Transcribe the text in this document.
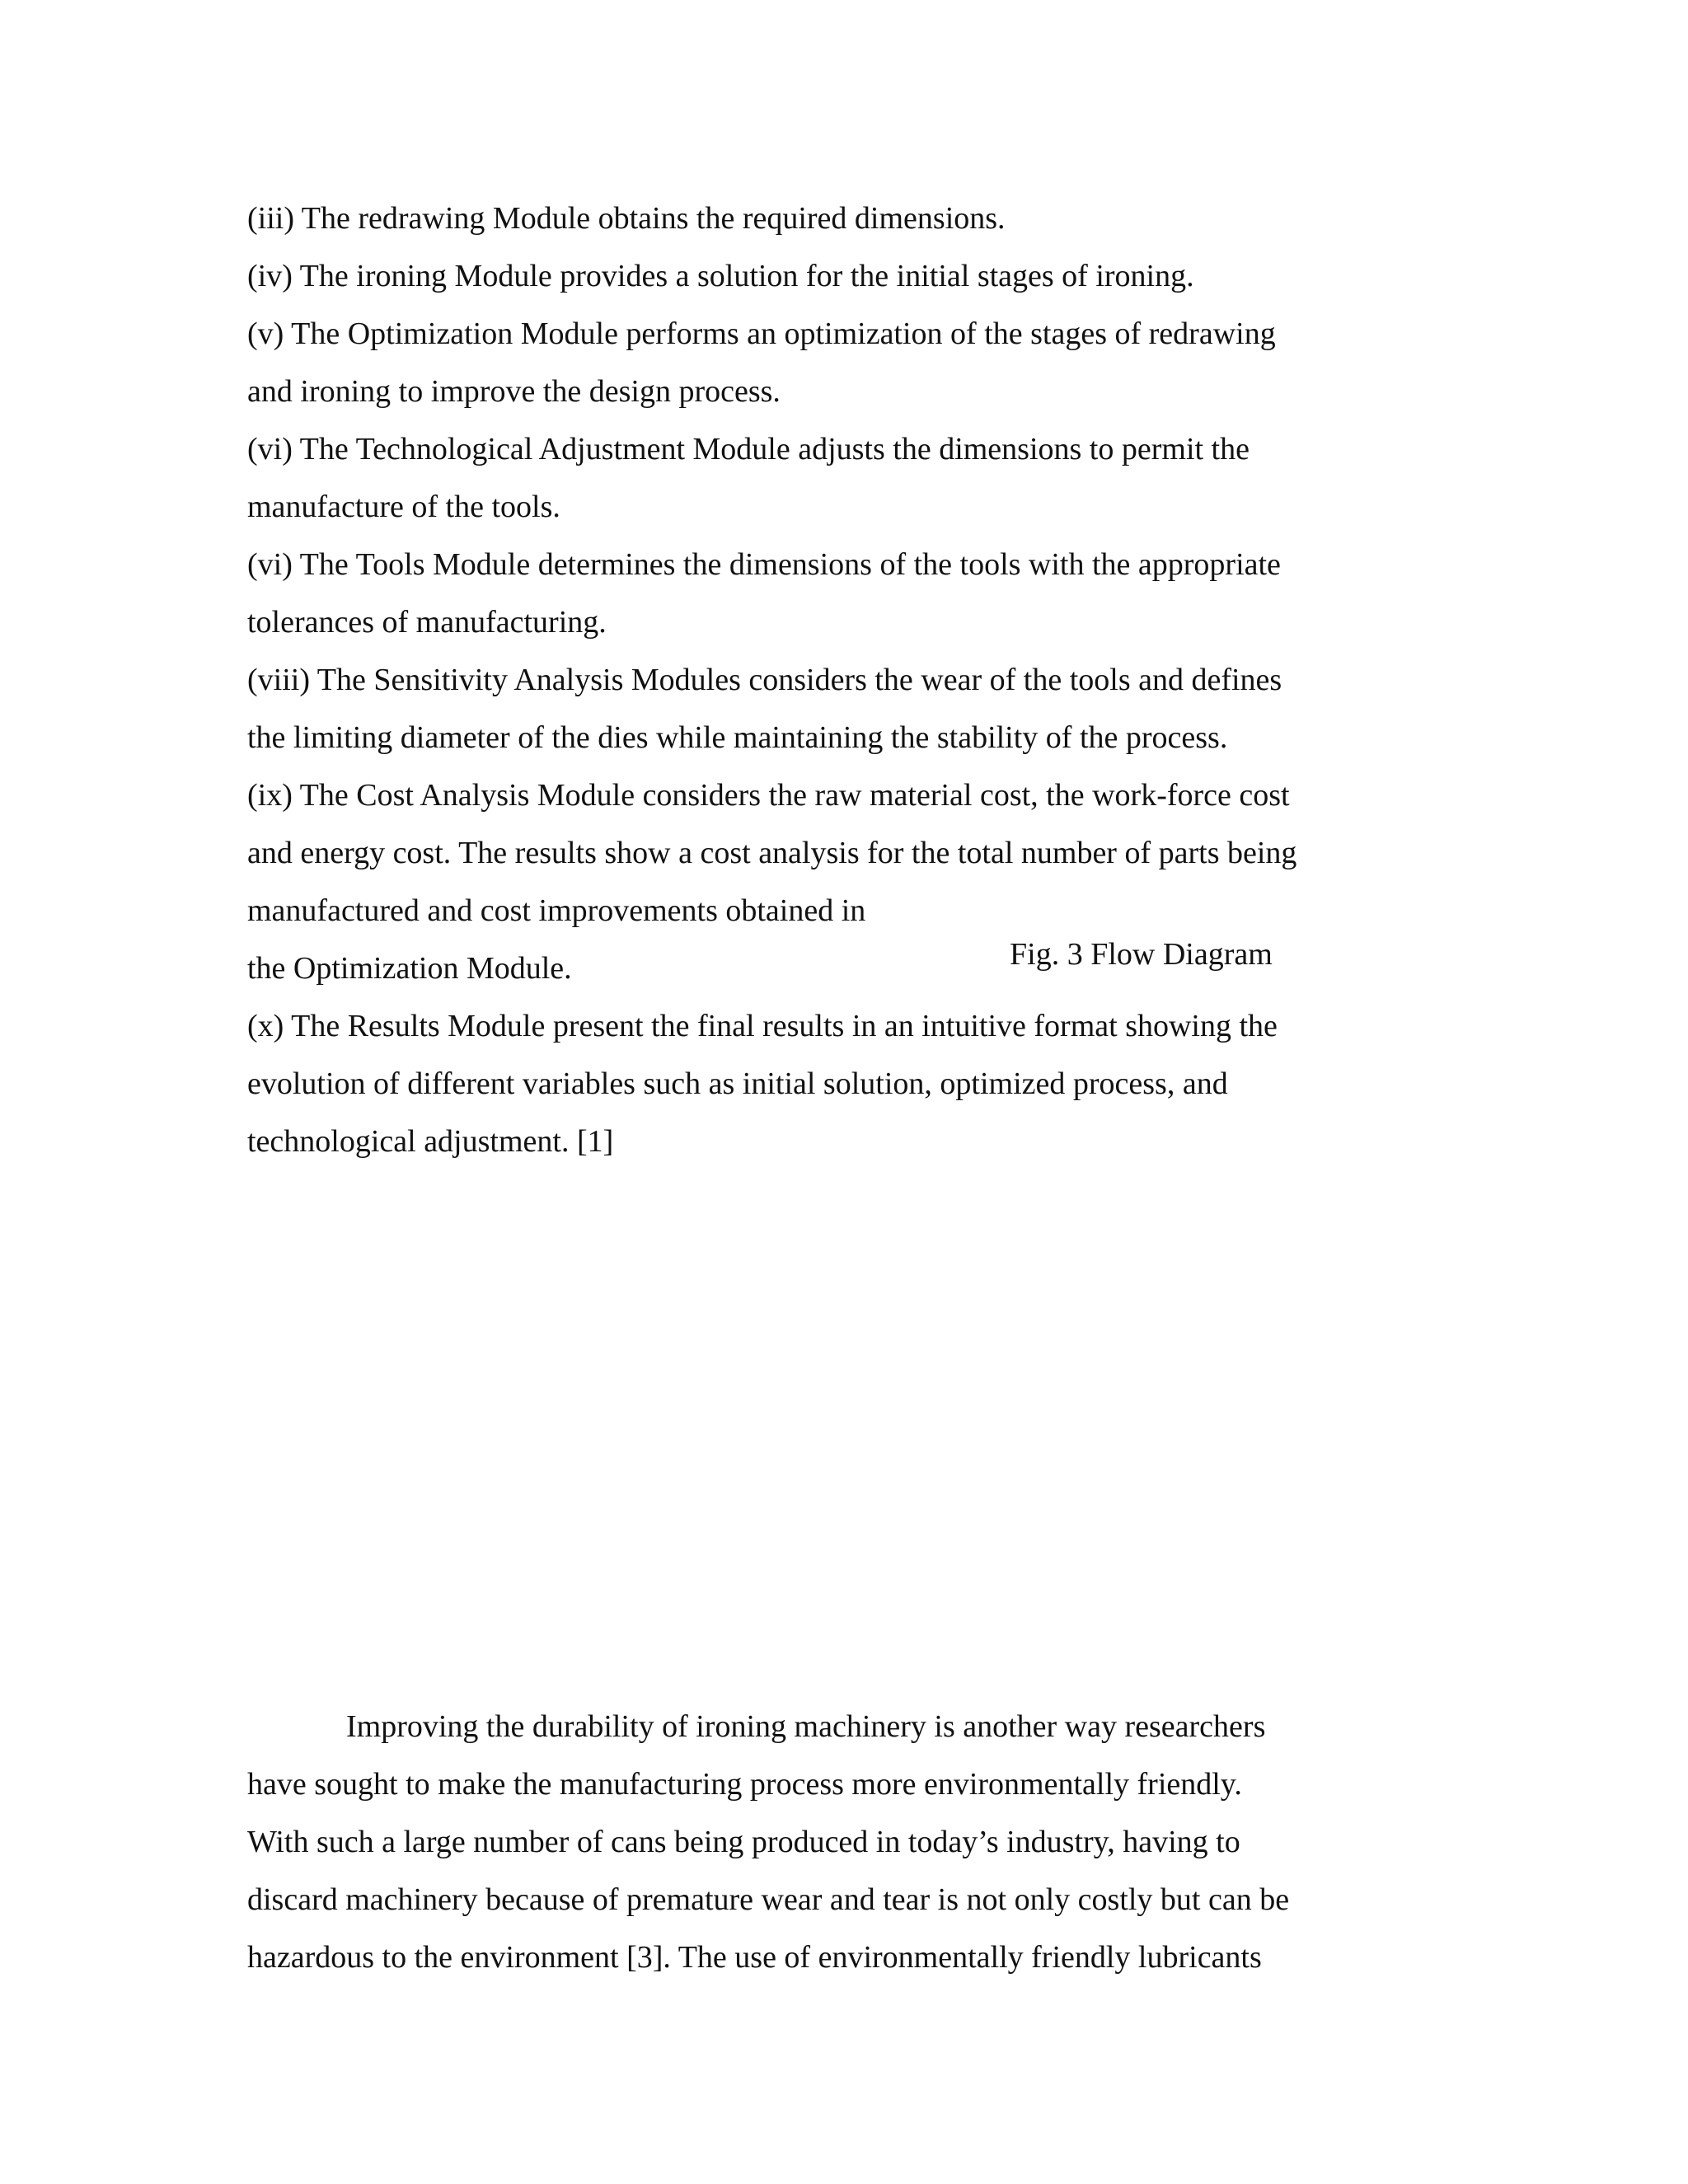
(iii) The redrawing Module obtains the required dimensions.
(iv) The ironing Module provides a solution for the initial stages of ironing.
(v) The Optimization Module performs an optimization of the stages of redrawing
and ironing to improve the design process.
(vi) The Technological Adjustment Module adjusts the dimensions to permit the
manufacture of the tools.
(vi) The Tools Module determines the dimensions of the tools with the appropriate
tolerances of manufacturing.
(viii) The Sensitivity Analysis Modules considers the wear of the tools and defines
the limiting diameter of the dies while maintaining the stability of the process.
(ix) The Cost Analysis Module considers the raw material cost, the work-force cost
and energy cost. The results show a cost analysis for the total number of parts being
manufactured and cost improvements obtained in
the Optimization Module.
(x) The Results Module present the final results in an intuitive format showing the
evolution of different variables such as initial solution, optimized process, and
technological adjustment. [1]
Fig. 3 Flow Diagram
Improving the durability of ironing machinery is another way researchers
have sought to make the manufacturing process more environmentally friendly.
With such a large number of cans being produced in today’s industry, having to
discard machinery because of premature wear and tear is not only costly but can be
hazardous to the environment [3]. The use of environmentally friendly lubricants
